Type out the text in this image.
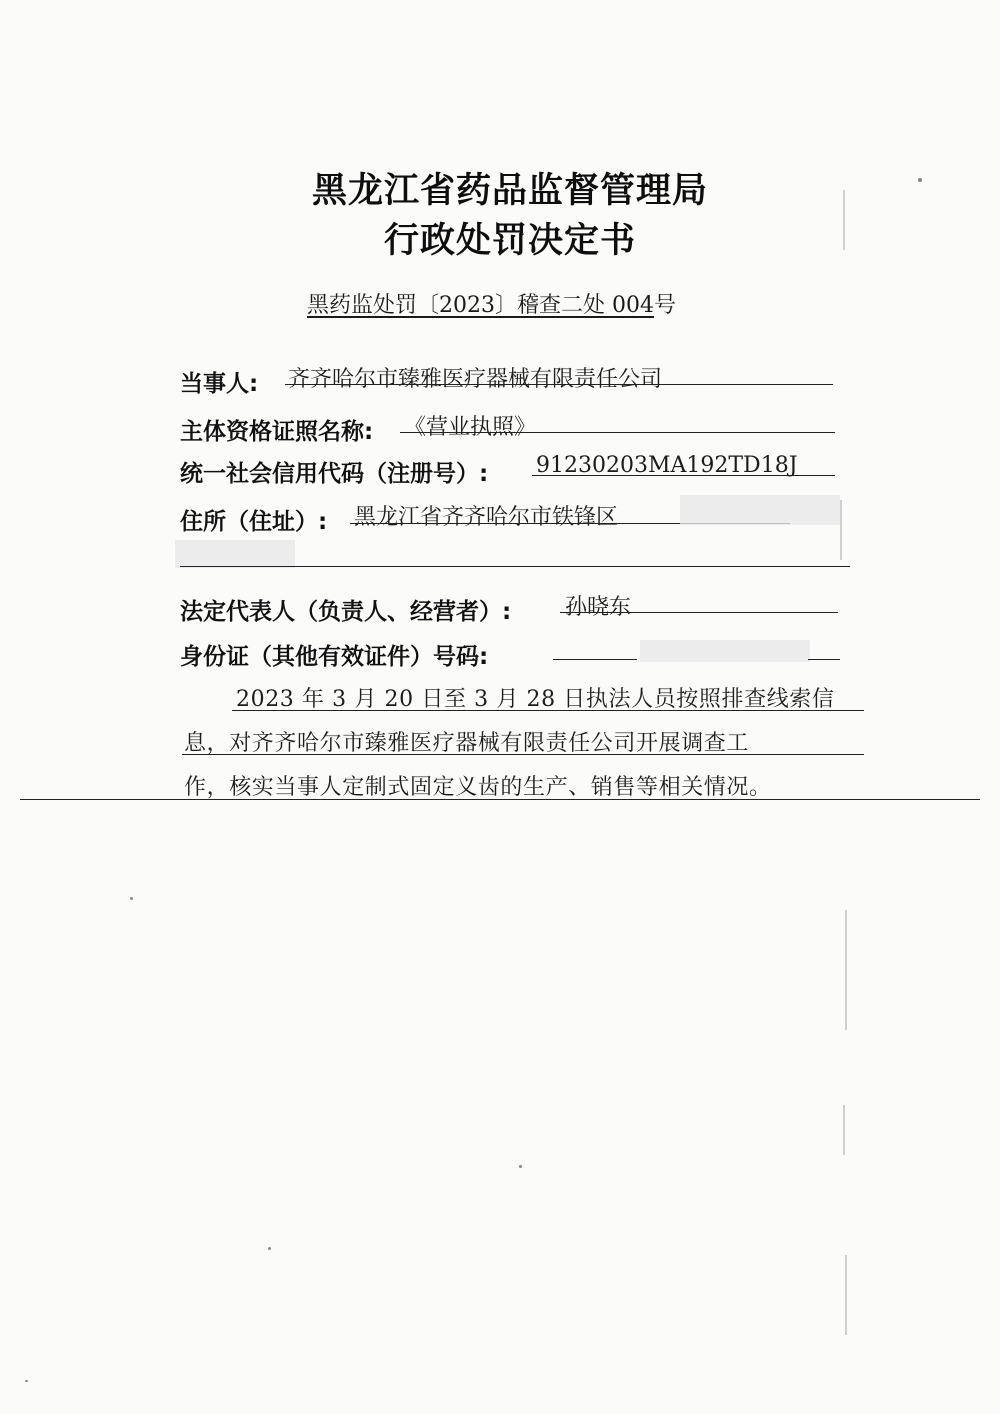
黑龙江省药品监督管理局
行政处罚决定书
黑药监处罚〔2023〕稽查二处 004号
当事人: 齐齐哈尔市臻雅医疗器械有限责任公司
主体资格证照名称: 《营业执照》
统一社会信用代码（注册号）: 91230203MA192TD18J
住所（住址）: 黑龙江省齐齐哈尔市铁锋区
法定代表人（负责人、经营者）: 孙晓东
身份证（其他有效证件）号码:
2023 年 3 月 20 日至 3 月 28 日执法人员按照排查线索信
息，对齐齐哈尔市臻雅医疗器械有限责任公司开展调查工
作，核实当事人定制式固定义齿的生产、销售等相关情况。
